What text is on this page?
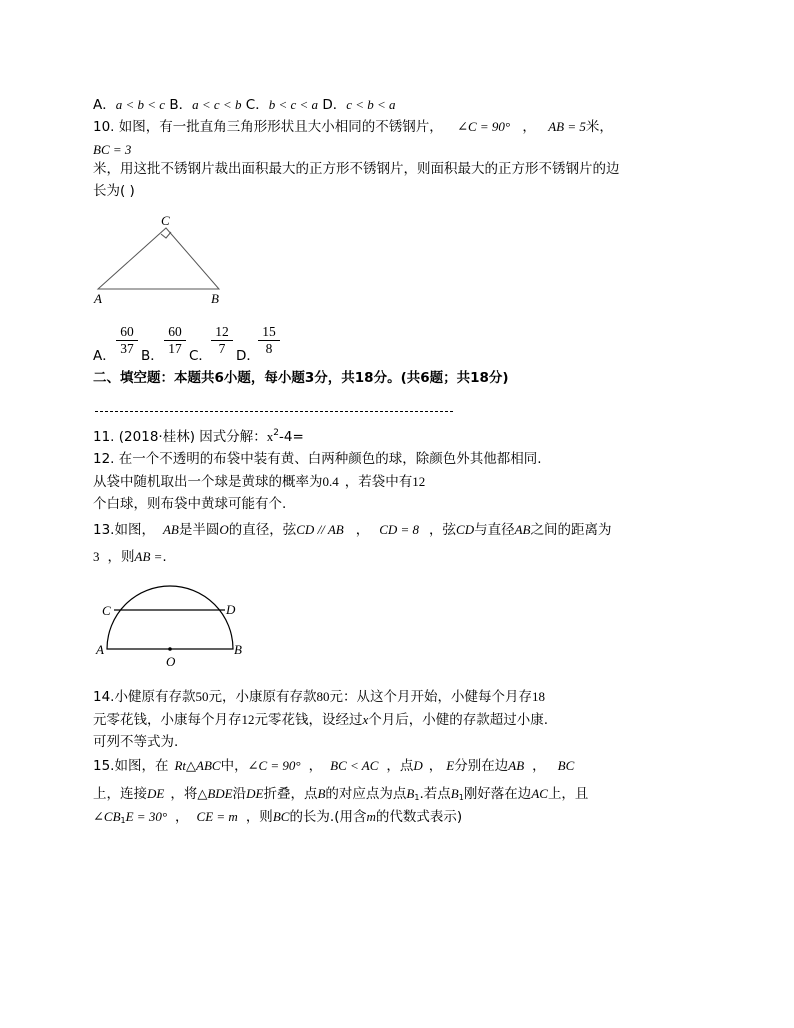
A．a < b < c B．a < c < b C．b < c < a D．c < b < a
10. 如图，有一批直角三角形形状且大小相同的不锈钢片， ∠C = 90° ， AB = 5米，
BC = 3
米，用这批不锈钢片裁出面积最大的正方形不锈钢片，则面积最大的正方形不锈钢片的边
长为( )
C
A	B
A． $\frac{60}{37}$ B． $\frac{60}{17}$ C． $\frac{12}{7}$ D．
$\frac{15}{8}$
二、填空题：本题共6小题，每小题3分，共18分。(共6题；共18分)
11. (2018·桂林) 因式分解：$x^2-4=$
12. 在一个不透明的布袋中装有黄、白两种颜色的球，除颜色外其他都相同.
从袋中随机取出一个球是黄球的概率为0.4 ，若袋中有12
个白球，则布袋中黄球可能有个.
13.如图， AB是半圆O的直径，弦CD // AB ， CD = 8 ，弦CD与直径AB之间的距离为
3 ，则AB =.
C	D
A
O
B
14.小健原有存款50元，小康原有存款80元：从这个月开始，小健每个月存18
元零花钱，小康每个月存12元零花钱，设经过x个月后，小健的存款超过小康.
可列不等式为.
15.如图，在 Rt△ABC中，∠C = 90° ， BC < AC ，点D ， E分别在边AB ， BC
上，连接DE ，将△BDE沿DE折叠，点B的对应点为点$B_1$.若点$B_1$刚好落在边AC上，且
$\angle CB_1E = 30^\circ$ ， CE = m ，则BC的长为.(用含m的代数式表示)
